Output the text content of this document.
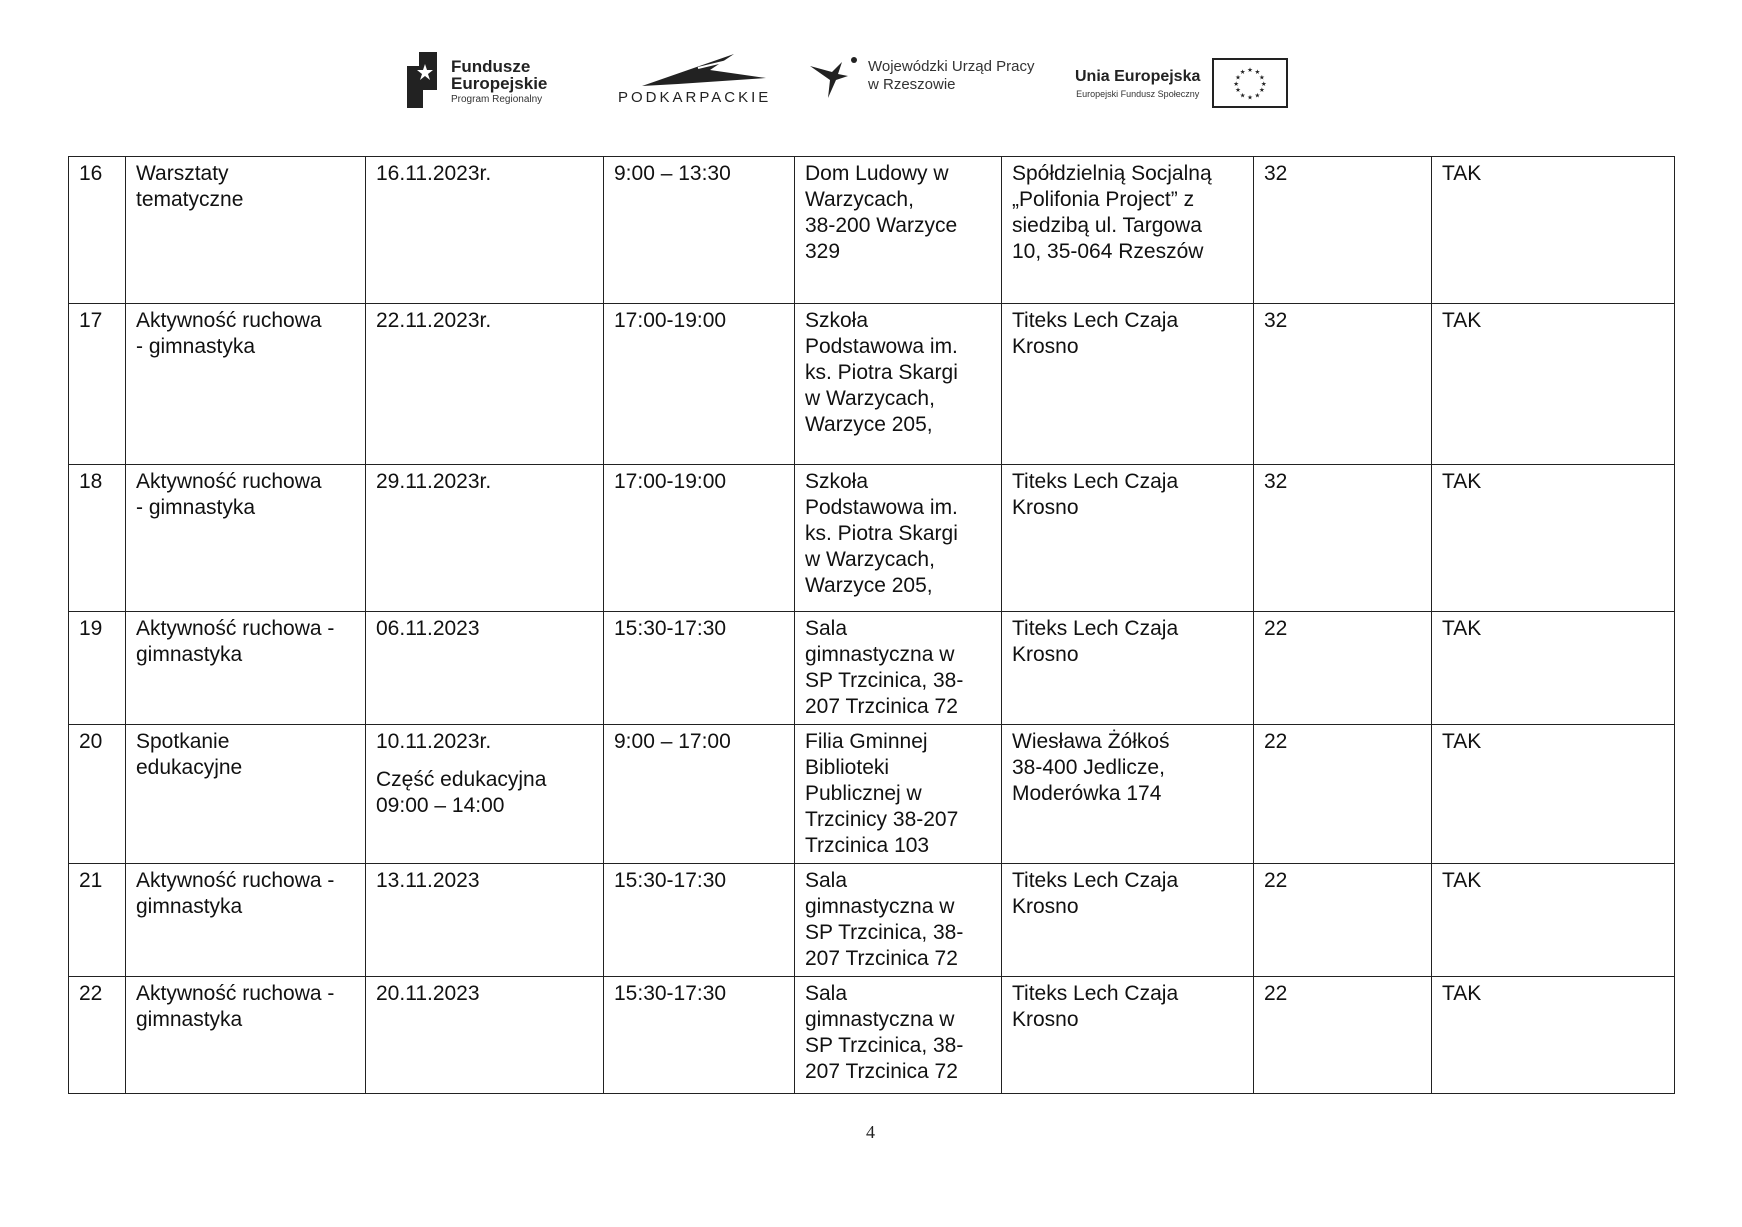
Fundusze
Europejskie
Program Regionalny	PODKARPACKIE
Wojewódzki Urząd Pracy
w Rzeszowie	Unia Europejska
Europejski Fundusz Społeczny
★ ★
★
★
★
★
★
★
★
★
★
★
16	Warsztaty
tematyczne	16.11.2023r.	9:00 – 13:30	Dom Ludowy w
Warzycach,
38-200 Warzyce
329	Spółdzielnią Socjalną
„Polifonia Project” z
siedzibą ul. Targowa
10, 35-064 Rzeszów	32	TAK
17	Aktywność ruchowa
- gimnastyka	22.11.2023r.	17:00-19:00	Szkoła
Podstawowa im.
ks. Piotra Skargi
w Warzycach,
Warzyce 205,	Titeks Lech Czaja
Krosno	32	TAK
18	Aktywność ruchowa
- gimnastyka	29.11.2023r.	17:00-19:00	Szkoła
Podstawowa im.
ks. Piotra Skargi
w Warzycach,
Warzyce 205,	Titeks Lech Czaja
Krosno	32	TAK
19	Aktywność ruchowa -
gimnastyka	06.11.2023	15:30-17:30	Sala
gimnastyczna w
SP Trzcinica, 38-
207 Trzcinica 72	Titeks Lech Czaja
Krosno	22	TAK
20	Spotkanie
edukacyjne	10.11.2023r.
Część edukacyjna
09:00 – 14:00	9:00 – 17:00	Filia Gminnej
Biblioteki
Publicznej w
Trzcinicy 38-207
Trzcinica 103	Wiesława Żółkoś
38-400 Jedlicze,
Moderówka 174	22	TAK
21	Aktywność ruchowa -
gimnastyka	13.11.2023	15:30-17:30	Sala
gimnastyczna w
SP Trzcinica, 38-
207 Trzcinica 72	Titeks Lech Czaja
Krosno	22	TAK
22	Aktywność ruchowa -
gimnastyka	20.11.2023	15:30-17:30	Sala
gimnastyczna w
SP Trzcinica, 38-
207 Trzcinica 72	Titeks Lech Czaja
Krosno	22	TAK
4
